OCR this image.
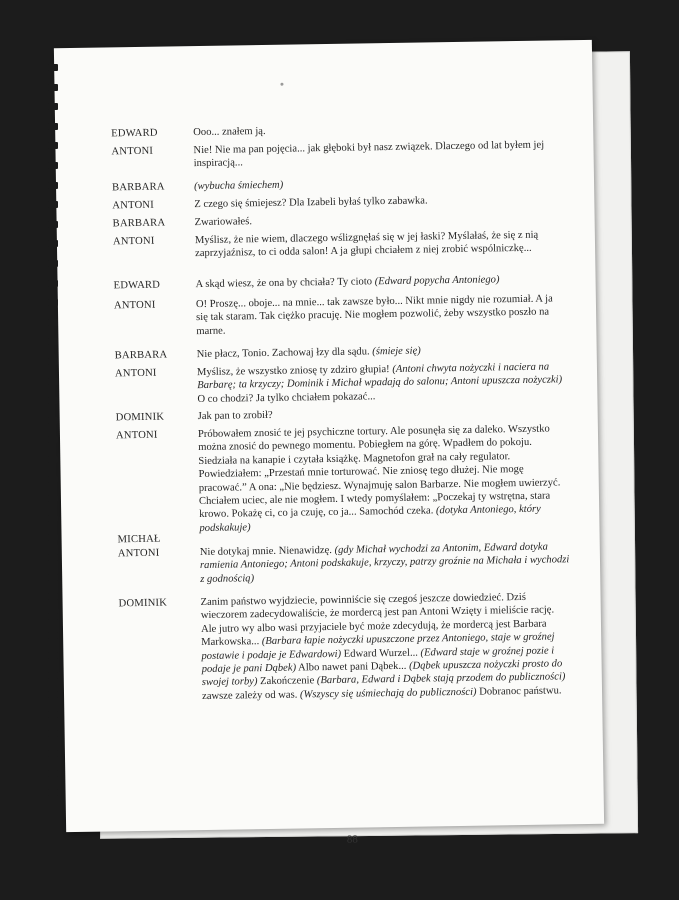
EDWARD	Ooo... znałem ją.
ANTONI	Nie! Nie ma pan pojęcia... jak głęboki był nasz związek. Dlaczego od lat byłem jej inspiracją...
BARBARA	(wybucha śmiechem)
ANTONI	Z czego się śmiejesz? Dla Izabeli byłaś tylko zabawka.
BARBARA	Zwariowałeś.
ANTONI	Myślisz, że nie wiem, dlaczego wślizgnęłaś się w jej łaski? Myślałaś, że się z nią zaprzyjaźnisz, to ci odda salon! A ja głupi chciałem z niej zrobić wspólniczkę...
EDWARD	A skąd wiesz, że ona by chciała? Ty cioto (Edward popycha Antoniego)
ANTONI	O! Proszę... oboje... na mnie... tak zawsze było... Nikt mnie nigdy nie rozumiał. A ja się tak staram. Tak ciężko pracuję. Nie mogłem pozwolić, żeby wszystko poszło na marne.
BARBARA	Nie płacz, Tonio. Zachowaj łzy dla sądu. (śmieje się)
ANTONI	Myślisz, że wszystko zniosę ty zdziro głupia! (Antoni chwyta nożyczki i naciera na Barbarę; ta krzyczy; Dominik i Michał wpadają do salonu; Antoni upuszcza nożyczki) O co chodzi? Ja tylko chciałem pokazać...
DOMINIK	Jak pan to zrobił?
ANTONI	Próbowałem znosić te jej psychiczne tortury. Ale posunęła się za daleko. Wszystko można znosić do pewnego momentu. Pobiegłem na górę. Wpadłem do pokoju. Siedziała na kanapie i czytała książkę. Magnetofon grał na cały regulator. Powiedziałem: „Przestań mnie torturować. Nie zniosę tego dłużej. Nie mogę pracować.” A ona: „Nie będziesz. Wynajmuję salon Barbarze. Nie mogłem uwierzyć. Chciałem uciec, ale nie mogłem. I wtedy pomyślałem: „Poczekaj ty wstrętna, stara krowo. Pokażę ci, co ja czuję, co ja... Samochód czeka. (dotyka Antoniego, który podskakuje)
MICHAŁ
ANTONI	Nie dotykaj mnie. Nienawidzę. (gdy Michał wychodzi za Antonim, Edward dotyka ramienia Antoniego; Antoni podskakuje, krzyczy, patrzy groźnie na Michała i wychodzi z godnością)
DOMINIK	Zanim państwo wyjdziecie, powinniście się czegoś jeszcze dowiedzieć. Dziś wieczorem zadecydowaliście, że mordercą jest pan Antoni Wzięty i mieliście rację. Ale jutro wy albo wasi przyjaciele być może zdecydują, że mordercą jest Barbara Markowska... (Barbara łapie nożyczki upuszczone przez Antoniego, staje w groźnej postawie i podaje je Edwardowi) Edward Wurzel... (Edward staje w groźnej pozie i podaje je pani Dąbek) Albo nawet pani Dąbek... (Dąbek upuszcza nożyczki prosto do swojej torby) Zakończenie (Barbara, Edward i Dąbek stają przodem do publiczności) zawsze zależy od was. (Wszyscy się uśmiechają do publiczności) Dobranoc państwu.
88
